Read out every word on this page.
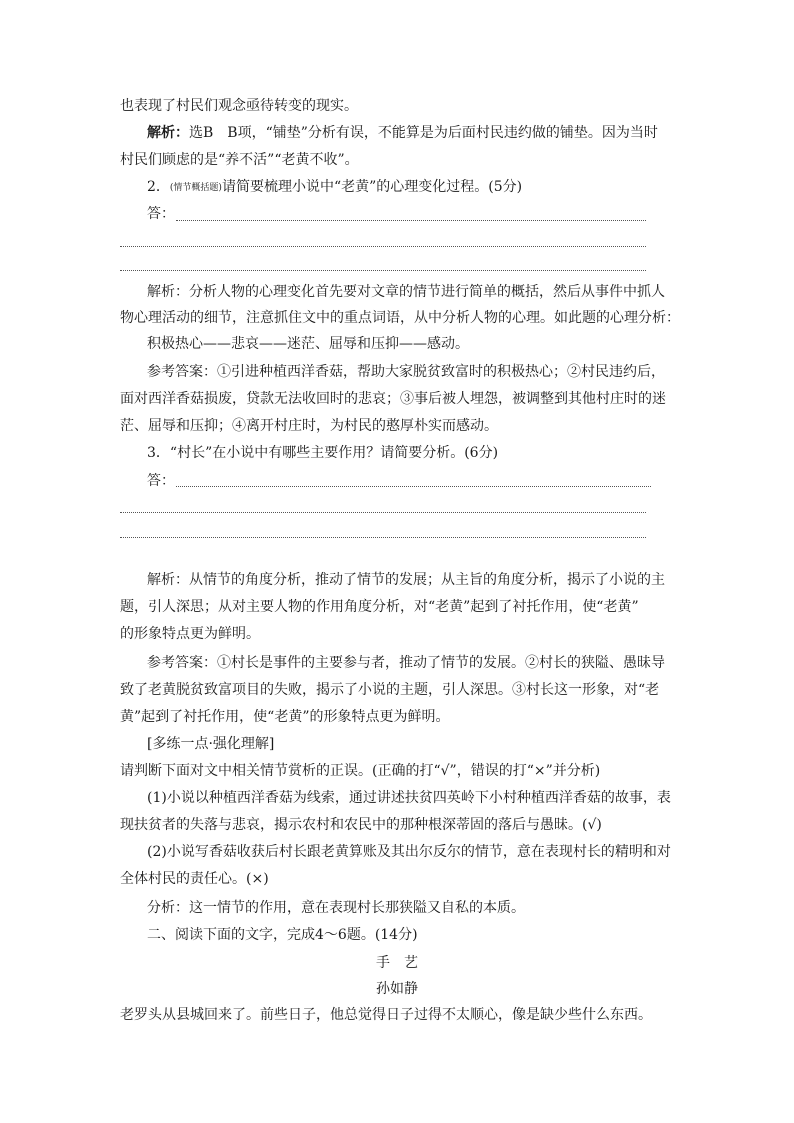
也表现了村民们观念亟待转变的现实。
解析：选B　B项，“铺垫”分析有误，不能算是为后面村民违约做的铺垫。因为当时
村民们顾虑的是“养不活”“老黄不收”。
2．(情节概括题)请简要梳理小说中“老黄”的心理变化过程。(5分)
答：
解析：分析人物的心理变化首先要对文章的情节进行简单的概括，然后从事件中抓人
物心理活动的细节，注意抓住文中的重点词语，从中分析人物的心理。如此题的心理分析：
积极热心——悲哀——迷茫、屈辱和压抑——感动。
参考答案：①引进种植西洋香菇，帮助大家脱贫致富时的积极热心；②村民违约后，
面对西洋香菇损废，贷款无法收回时的悲哀；③事后被人埋怨，被调整到其他村庄时的迷
茫、屈辱和压抑；④离开村庄时，为村民的憨厚朴实而感动。
3．“村长”在小说中有哪些主要作用？请简要分析。(6分)
答：
解析：从情节的角度分析，推动了情节的发展；从主旨的角度分析，揭示了小说的主
题，引人深思；从对主要人物的作用角度分析，对“老黄”起到了衬托作用，使“老黄”
的形象特点更为鲜明。
参考答案：①村长是事件的主要参与者，推动了情节的发展。②村长的狭隘、愚昧导
致了老黄脱贫致富项目的失败，揭示了小说的主题，引人深思。③村长这一形象，对“老
黄”起到了衬托作用，使“老黄”的形象特点更为鲜明。
[多练一点·强化理解]
请判断下面对文中相关情节赏析的正误。(正确的打“√”，错误的打“×”并分析)
(1)小说以种植西洋香菇为线索，通过讲述扶贫四英岭下小村种植西洋香菇的故事，表
现扶贫者的失落与悲哀，揭示农村和农民中的那种根深蒂固的落后与愚昧。(√)
(2)小说写香菇收获后村长跟老黄算账及其出尔反尔的情节，意在表现村长的精明和对
全体村民的责任心。(×)
分析：这一情节的作用，意在表现村长那狭隘又自私的本质。
二、阅读下面的文字，完成4～6题。(14分)
手　艺
孙如静
老罗头从县城回来了。前些日子，他总觉得日子过得不太顺心，像是缺少些什么东西。
